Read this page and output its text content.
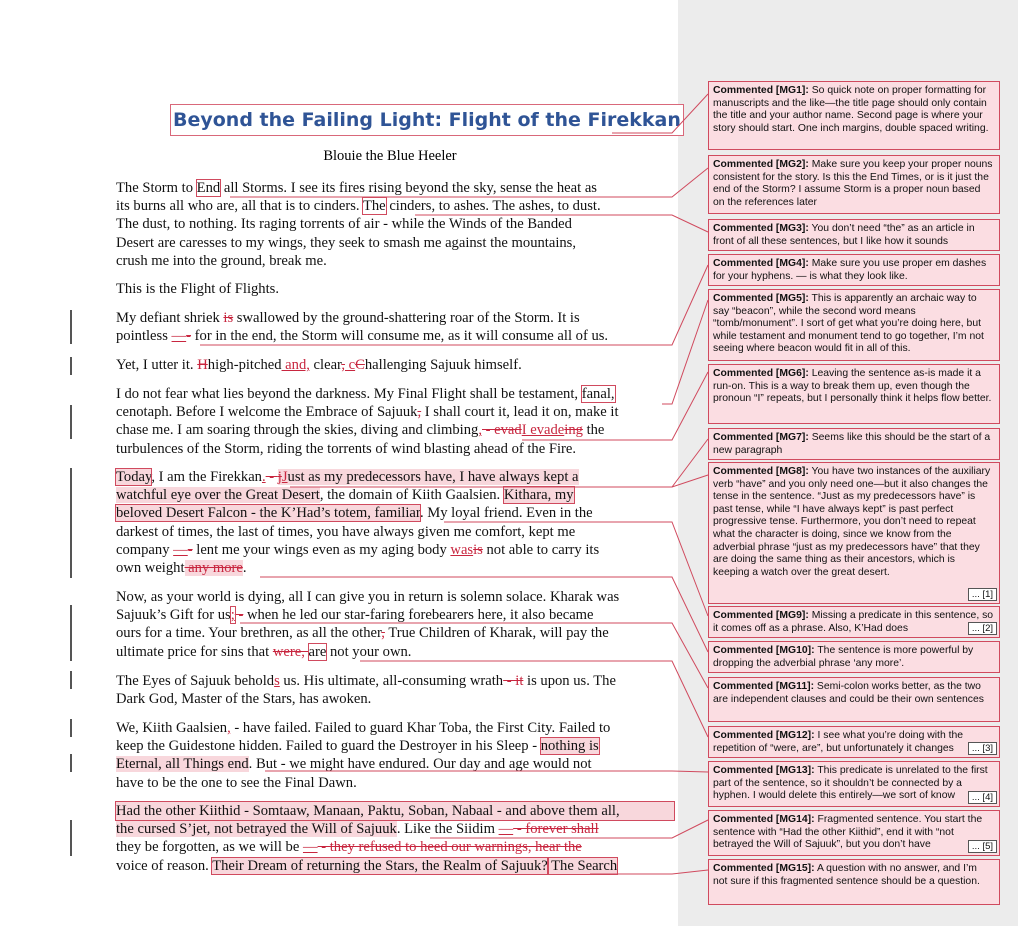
Beyond the Failing Light: Flight of the Firekkan
Blouie the Blue Heeler
The Storm to End all Storms. I see its fires rising beyond the sky, sense the heat as
its burns all who are, all that is to cinders. The cinders, to ashes. The ashes, to dust.
The dust, to nothing. Its raging torrents of air - while the Winds of the Banded
Desert are caresses to my wings, they seek to smash me against the mountains,
crush me into the ground, break me.
This is the Flight of Flights.
My defiant shriek is swallowed by the ground-shattering roar of the Storm. It is
pointless —- for in the end, the Storm will consume me, as it will consume all of us.
Yet, I utter it. Hhigh-pitched and, clear, cChallenging Sajuuk himself.
I do not fear what lies beyond the darkness. My Final Flight shall be testament, fanal,
cenotaph. Before I welcome the Embrace of Sajuuk, I shall court it, lead it on, make it
chase me. I am soaring through the skies, diving and climbing, - evadI evadeing the
turbulences of the Storm, riding the torrents of wind blasting ahead of the Fire.
Today, I am the Firekkan. - jJust as my predecessors have, I have always kept a
watchful eye over the Great Desert, the domain of Kiith Gaalsien. Kithara, my
beloved Desert Falcon - the K’Had’s totem, familiar. My loyal friend. Even in the
darkest of times, the last of times, you have always given me comfort, kept me
company —- lent me your wings even as my aging body wasis not able to carry its
own weight any more.
Now, as your world is dying, all I can give you in return is solemn solace. Kharak was
Sajuuk’s Gift for us; - when he led our star-faring forebearers here, it also became
ours for a time. Your brethren, as all the other, True Children of Kharak, will pay the
ultimate price for sins that were, are not your own.
The Eyes of Sajuuk beholds us. His ultimate, all-consuming wrath - it is upon us. The
Dark God, Master of the Stars, has awoken.
We, Kiith Gaalsien, - have failed. Failed to guard Khar Toba, the First City. Failed to
keep the Guidestone hidden. Failed to guard the Destroyer in his Sleep - nothing is
Eternal, all Things end. But - we might have endured. Our day and age would not
have to be the one to see the Final Dawn.
Had the other Kiithid - Somtaaw, Manaan, Paktu, Soban, Nabaal - and above them all,
the cursed S’jet, not betrayed the Will of Sajuuk. Like the Siidim — - forever shall
they be forgotten, as we will be — - they refused to heed our warnings, hear the
voice of reason. Their Dream of returning the Stars, the Realm of Sajuuk? The Search
Commented [MG1]: So quick note on proper formatting for manuscripts and the like—the title page should only contain the title and your author name. Second page is where your story should start. One inch margins, double spaced writing.
Commented [MG2]: Make sure you keep your proper nouns consistent for the story. Is this the End Times, or is it just the end of the Storm? I assume Storm is a proper noun based on the references later
Commented [MG3]: You don’t need “the” as an article in front of all these sentences, but I like how it sounds
Commented [MG4]: Make sure you use proper em dashes for your hyphens. — is what they look like.
Commented [MG5]: This is apparently an archaic way to say “beacon”, while the second word means “tomb/monument”. I sort of get what you’re doing here, but while testament and monument tend to go together, I’m not seeing where beacon would fit in all of this.
Commented [MG6]: Leaving the sentence as-is made it a run-on. This is a way to break them up, even though the pronoun “I” repeats, but I personally think it helps flow better.
Commented [MG7]: Seems like this should be the start of a new paragraph
Commented [MG8]: You have two instances of the auxiliary verb “have” and you only need one—but it also changes the tense in the sentence. “Just as my predecessors have” is past tense, while “I have always kept” is past perfect progressive tense. Furthermore, you don’t need to repeat what the character is doing, since we know from the adverbial phrase “just as my predecessors have” that they are doing the same thing as their ancestors, which is keeping a watch over the great desert.
... [1]
Commented [MG9]: Missing a predicate in this sentence, so it comes off as a phrase. Also, K’Had does	... [2]
Commented [MG10]: The sentence is more powerful by dropping the adverbial phrase ‘any more’.
Commented [MG11]: Semi-colon works better, as the two are independent clauses and could be their own sentences
Commented [MG12]: I see what you’re doing with the repetition of “were, are”, but unfortunately it changes	... [3]
Commented [MG13]: This predicate is unrelated to the first part of the sentence, so it shouldn’t be connected by a hyphen. I would delete this entirely—we sort of know	... [4]
Commented [MG14]: Fragmented sentence. You start the sentence with “Had the other Kiithid”, end it with “not betrayed the Will of Sajuuk”, but you don’t have	... [5]
Commented [MG15]: A question with no answer, and I’m not sure if this fragmented sentence should be a question.
